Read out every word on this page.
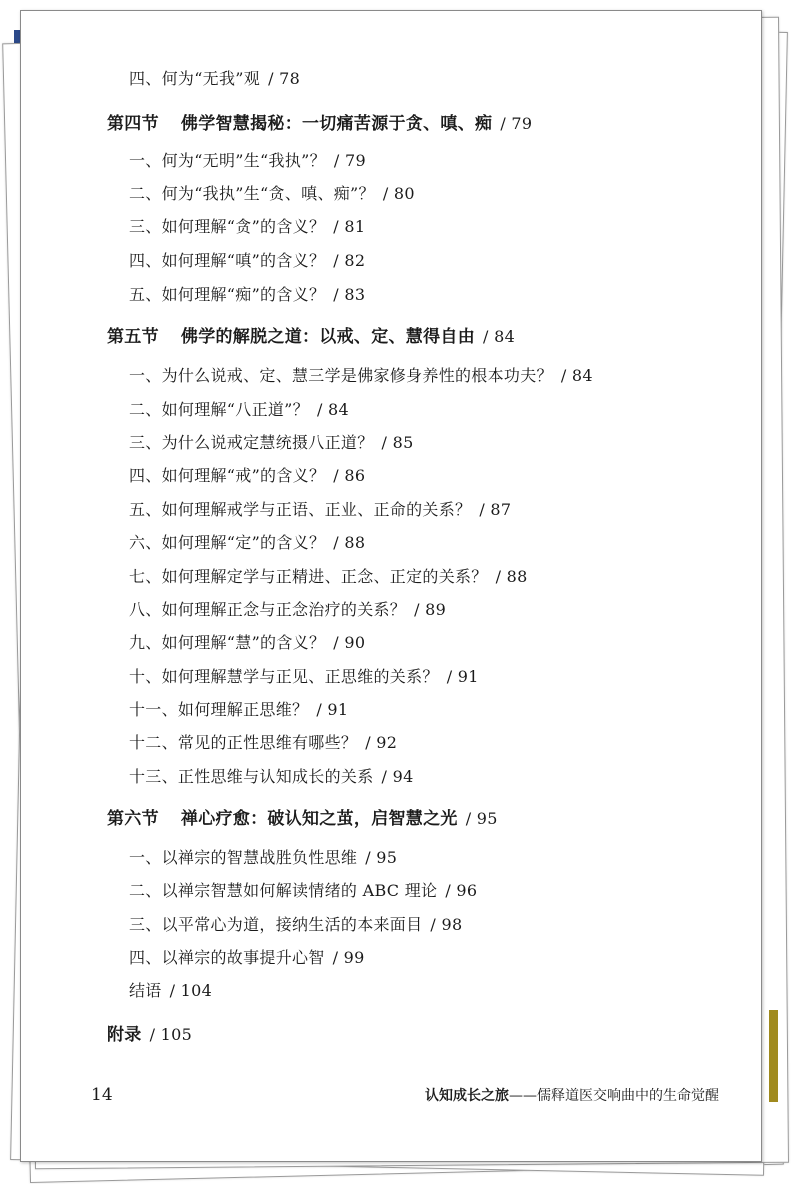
四、何为“无我”观 / 78
第四节 佛学智慧揭秘：一切痛苦源于贪、嗔、痴 / 79
一、何为“无明”生“我执”？ / 79
二、何为“我执”生“贪、嗔、痴”？ / 80
三、如何理解“贪”的含义？ / 81
四、如何理解“嗔”的含义？ / 82
五、如何理解“痴”的含义？ / 83
第五节 佛学的解脱之道：以戒、定、慧得自由 / 84
一、为什么说戒、定、慧三学是佛家修身养性的根本功夫？ / 84
二、如何理解“八正道”？ / 84
三、为什么说戒定慧统摄八正道？ / 85
四、如何理解“戒”的含义？ / 86
五、如何理解戒学与正语、正业、正命的关系？ / 87
六、如何理解“定”的含义？ / 88
七、如何理解定学与正精进、正念、正定的关系？ / 88
八、如何理解正念与正念治疗的关系？ / 89
九、如何理解“慧”的含义？ / 90
十、如何理解慧学与正见、正思维的关系？ / 91
十一、如何理解正思维？ / 91
十二、常见的正性思维有哪些？ / 92
十三、正性思维与认知成长的关系 / 94
第六节 禅心疗愈：破认知之茧，启智慧之光 / 95
一、以禅宗的智慧战胜负性思维 / 95
二、以禅宗智慧如何解读情绪的 ABC 理论 / 96
三、以平常心为道，接纳生活的本来面目 / 98
四、以禅宗的故事提升心智 / 99
结语 / 104
附录 / 105
14	认知成长之旅——儒释道医交响曲中的生命觉醒
